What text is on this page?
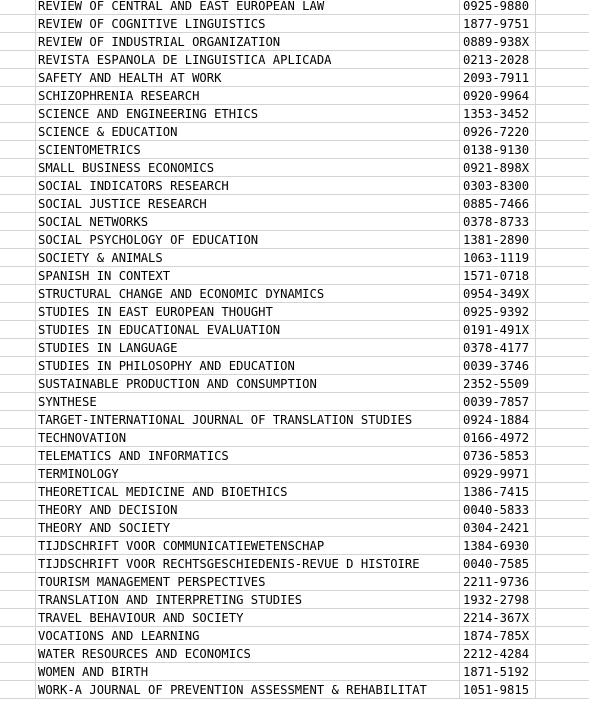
REVIEW OF CENTRAL AND EAST EUROPEAN LAW	0925-9880
REVIEW OF COGNITIVE LINGUISTICS	1877-9751
REVIEW OF INDUSTRIAL ORGANIZATION	0889-938X
REVISTA ESPANOLA DE LINGUISTICA APLICADA	0213-2028
SAFETY AND HEALTH AT WORK	2093-7911
SCHIZOPHRENIA RESEARCH	0920-9964
SCIENCE AND ENGINEERING ETHICS	1353-3452
SCIENCE & EDUCATION	0926-7220
SCIENTOMETRICS	0138-9130
SMALL BUSINESS ECONOMICS	0921-898X
SOCIAL INDICATORS RESEARCH	0303-8300
SOCIAL JUSTICE RESEARCH	0885-7466
SOCIAL NETWORKS	0378-8733
SOCIAL PSYCHOLOGY OF EDUCATION	1381-2890
SOCIETY & ANIMALS	1063-1119
SPANISH IN CONTEXT	1571-0718
STRUCTURAL CHANGE AND ECONOMIC DYNAMICS	0954-349X
STUDIES IN EAST EUROPEAN THOUGHT	0925-9392
STUDIES IN EDUCATIONAL EVALUATION	0191-491X
STUDIES IN LANGUAGE	0378-4177
STUDIES IN PHILOSOPHY AND EDUCATION	0039-3746
SUSTAINABLE PRODUCTION AND CONSUMPTION	2352-5509
SYNTHESE	0039-7857
TARGET-INTERNATIONAL JOURNAL OF TRANSLATION STUDIES	0924-1884
TECHNOVATION	0166-4972
TELEMATICS AND INFORMATICS	0736-5853
TERMINOLOGY	0929-9971
THEORETICAL MEDICINE AND BIOETHICS	1386-7415
THEORY AND DECISION	0040-5833
THEORY AND SOCIETY	0304-2421
TIJDSCHRIFT VOOR COMMUNICATIEWETENSCHAP	1384-6930
TIJDSCHRIFT VOOR RECHTSGESCHIEDENIS-REVUE D HISTOIRE	0040-7585
TOURISM MANAGEMENT PERSPECTIVES	2211-9736
TRANSLATION AND INTERPRETING STUDIES	1932-2798
TRAVEL BEHAVIOUR AND SOCIETY	2214-367X
VOCATIONS AND LEARNING	1874-785X
WATER RESOURCES AND ECONOMICS	2212-4284
WOMEN AND BIRTH	1871-5192
WORK-A JOURNAL OF PREVENTION ASSESSMENT & REHABILITAT	1051-9815
